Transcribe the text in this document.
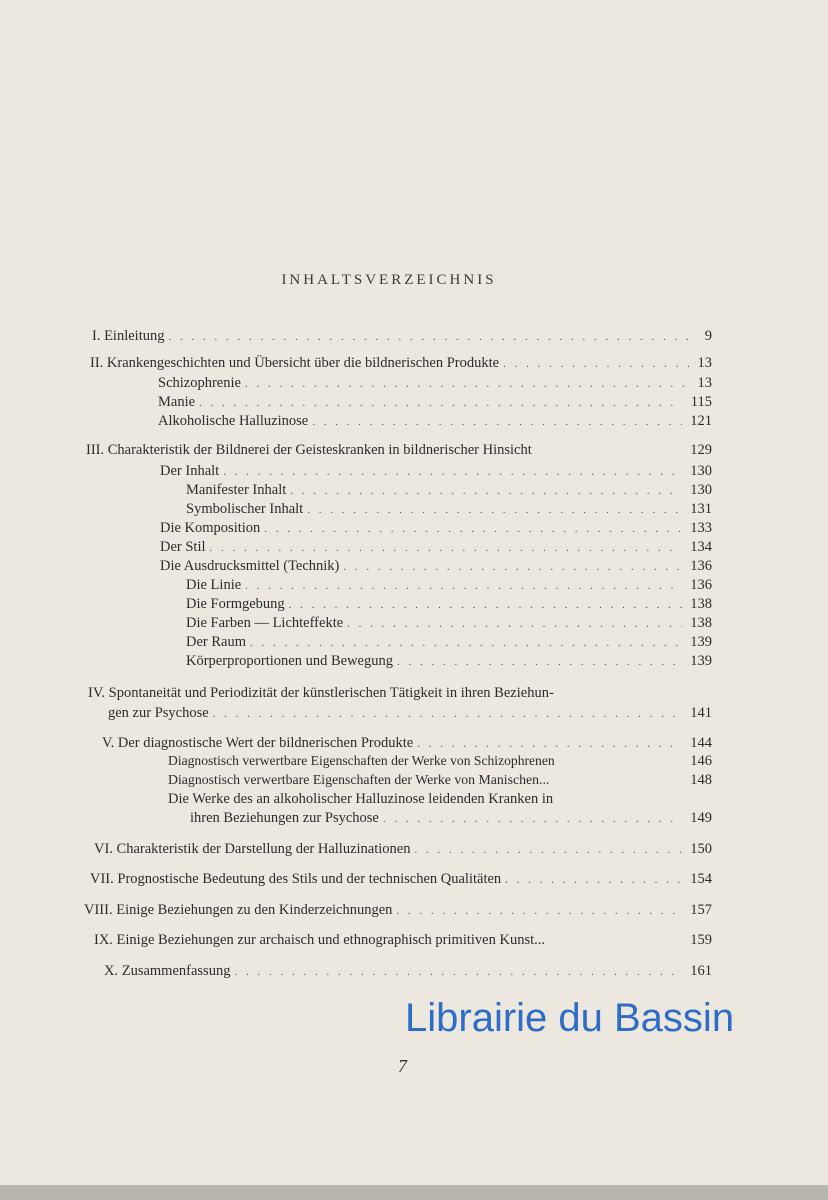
INHALTSVERZEICHNIS
I. Einleitung . . .	9
II. Krankengeschichten und Übersicht über die bildnerischen Produkte . . .	13
Schizophrenie . . .	13
Manie . . .	115
Alkoholische Halluzinose . . .	121
III. Charakteristik der Bildnerei der Geisteskranken in bildnerischer Hinsicht	129
Der Inhalt . . .	130
Manifester Inhalt . . .	130
Symbolischer Inhalt . . .	131
Die Komposition . . .	133
Der Stil . . .	134
Die Ausdrucksmittel (Technik) . . .	136
Die Linie . . .	136
Die Formgebung . . .	138
Die Farben — Lichteffekte . . .	138
Der Raum . . .	139
Körperproportionen und Bewegung . . .	139
IV. Spontaneität und Periodizität der künstlerischen Tätigkeit in ihren Beziehun-
gen zur Psychose . . .	141
V. Der diagnostische Wert der bildnerischen Produkte . . .	144
Diagnostisch verwertbare Eigenschaften der Werke von Schizophrenen	146
Diagnostisch verwertbare Eigenschaften der Werke von Manischen...	148
Die Werke des an alkoholischer Halluzinose leidenden Kranken in
ihren Beziehungen zur Psychose . . .	149
VI. Charakteristik der Darstellung der Halluzinationen . . .	150
VII. Prognostische Bedeutung des Stils und der technischen Qualitäten . . .	154
VIII. Einige Beziehungen zu den Kinderzeichnungen . . .	157
IX. Einige Beziehungen zur archaisch und ethnographisch primitiven Kunst...	159
X. Zusammenfassung . . .	161
Librairie du Bassin
7
